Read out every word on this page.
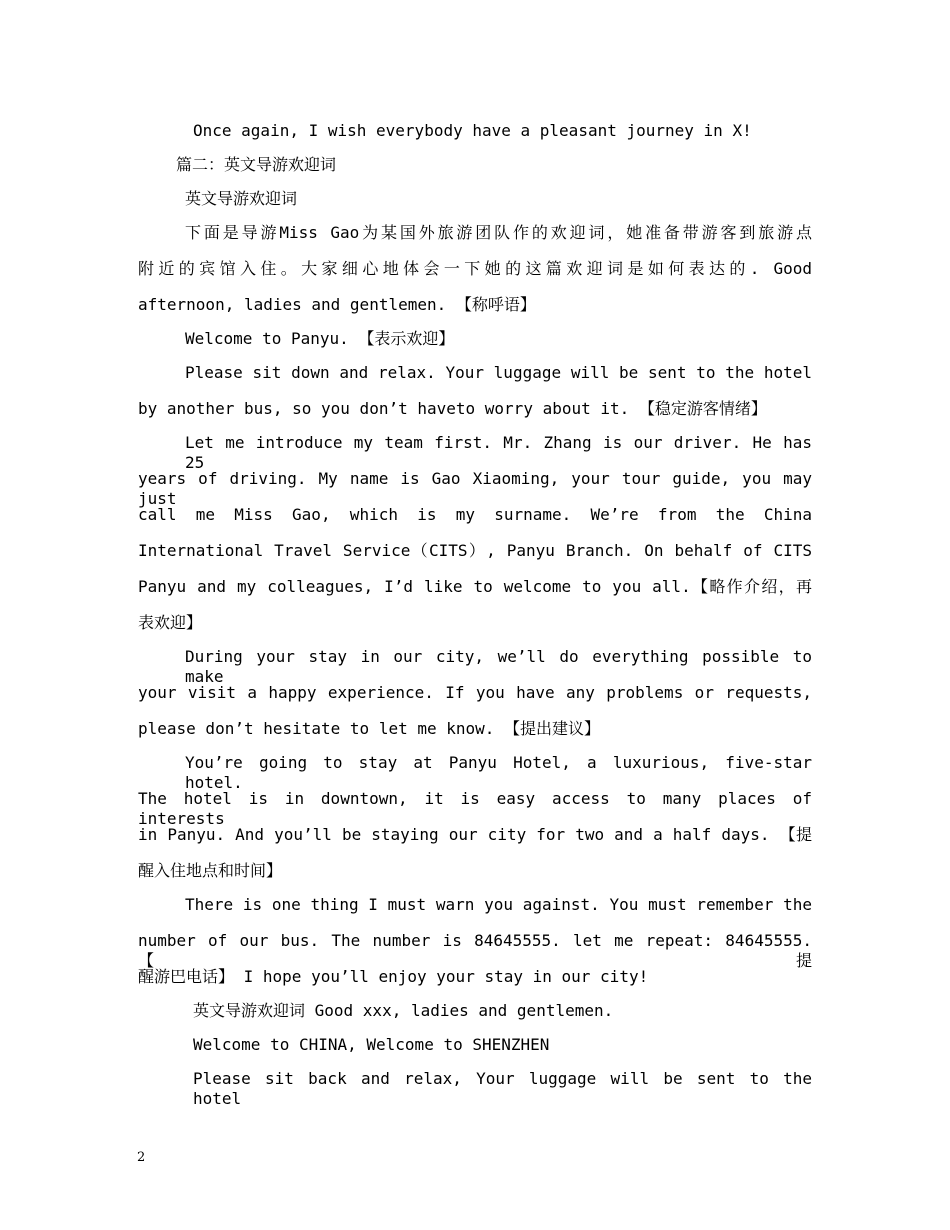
Once again, I wish everybody have a pleasant journey in X!
篇二：英文导游欢迎词
英文导游欢迎词
下面是导游Miss Gao为某国外旅游团队作的欢迎词，她准备带游客到旅游点
附近的宾馆入住。大家细心地体会一下她的这篇欢迎词是如何表达的. Good
afternoon, ladies and gentlemen. 【称呼语】
Welcome to Panyu. 【表示欢迎】
Please sit down and relax. Your luggage will be sent to the hotel
by another bus, so you don’t haveto worry about it. 【稳定游客情绪】
Let me introduce my team first. Mr. Zhang is our driver. He has 25
years of driving. My name is Gao Xiaoming, your tour guide, you may just
call me Miss Gao, which is my surname. We’re from the China
International Travel Service（CITS）, Panyu Branch. On behalf of CITS
Panyu and my colleagues, I’d like to welcome to you all.【略作介绍，再
表欢迎】
During your stay in our city, we’ll do everything possible to make
your visit a happy experience. If you have any problems or requests,
please don’t hesitate to let me know. 【提出建议】
You’re going to stay at Panyu Hotel, a luxurious, five-star hotel.
The hotel is in downtown, it is easy access to many places of interests
in Panyu. And you’ll be staying our city for two and a half days. 【提
醒入住地点和时间】
There is one thing I must warn you against. You must remember the
number of our bus. The number is 84645555. let me repeat: 84645555. 【提
醒游巴电话】 I hope you’ll enjoy your stay in our city!
英文导游欢迎词 Good xxx, ladies and gentlemen.
Welcome to CHINA, Welcome to SHENZHEN
Please sit back and relax, Your luggage will be sent to the hotel
2
